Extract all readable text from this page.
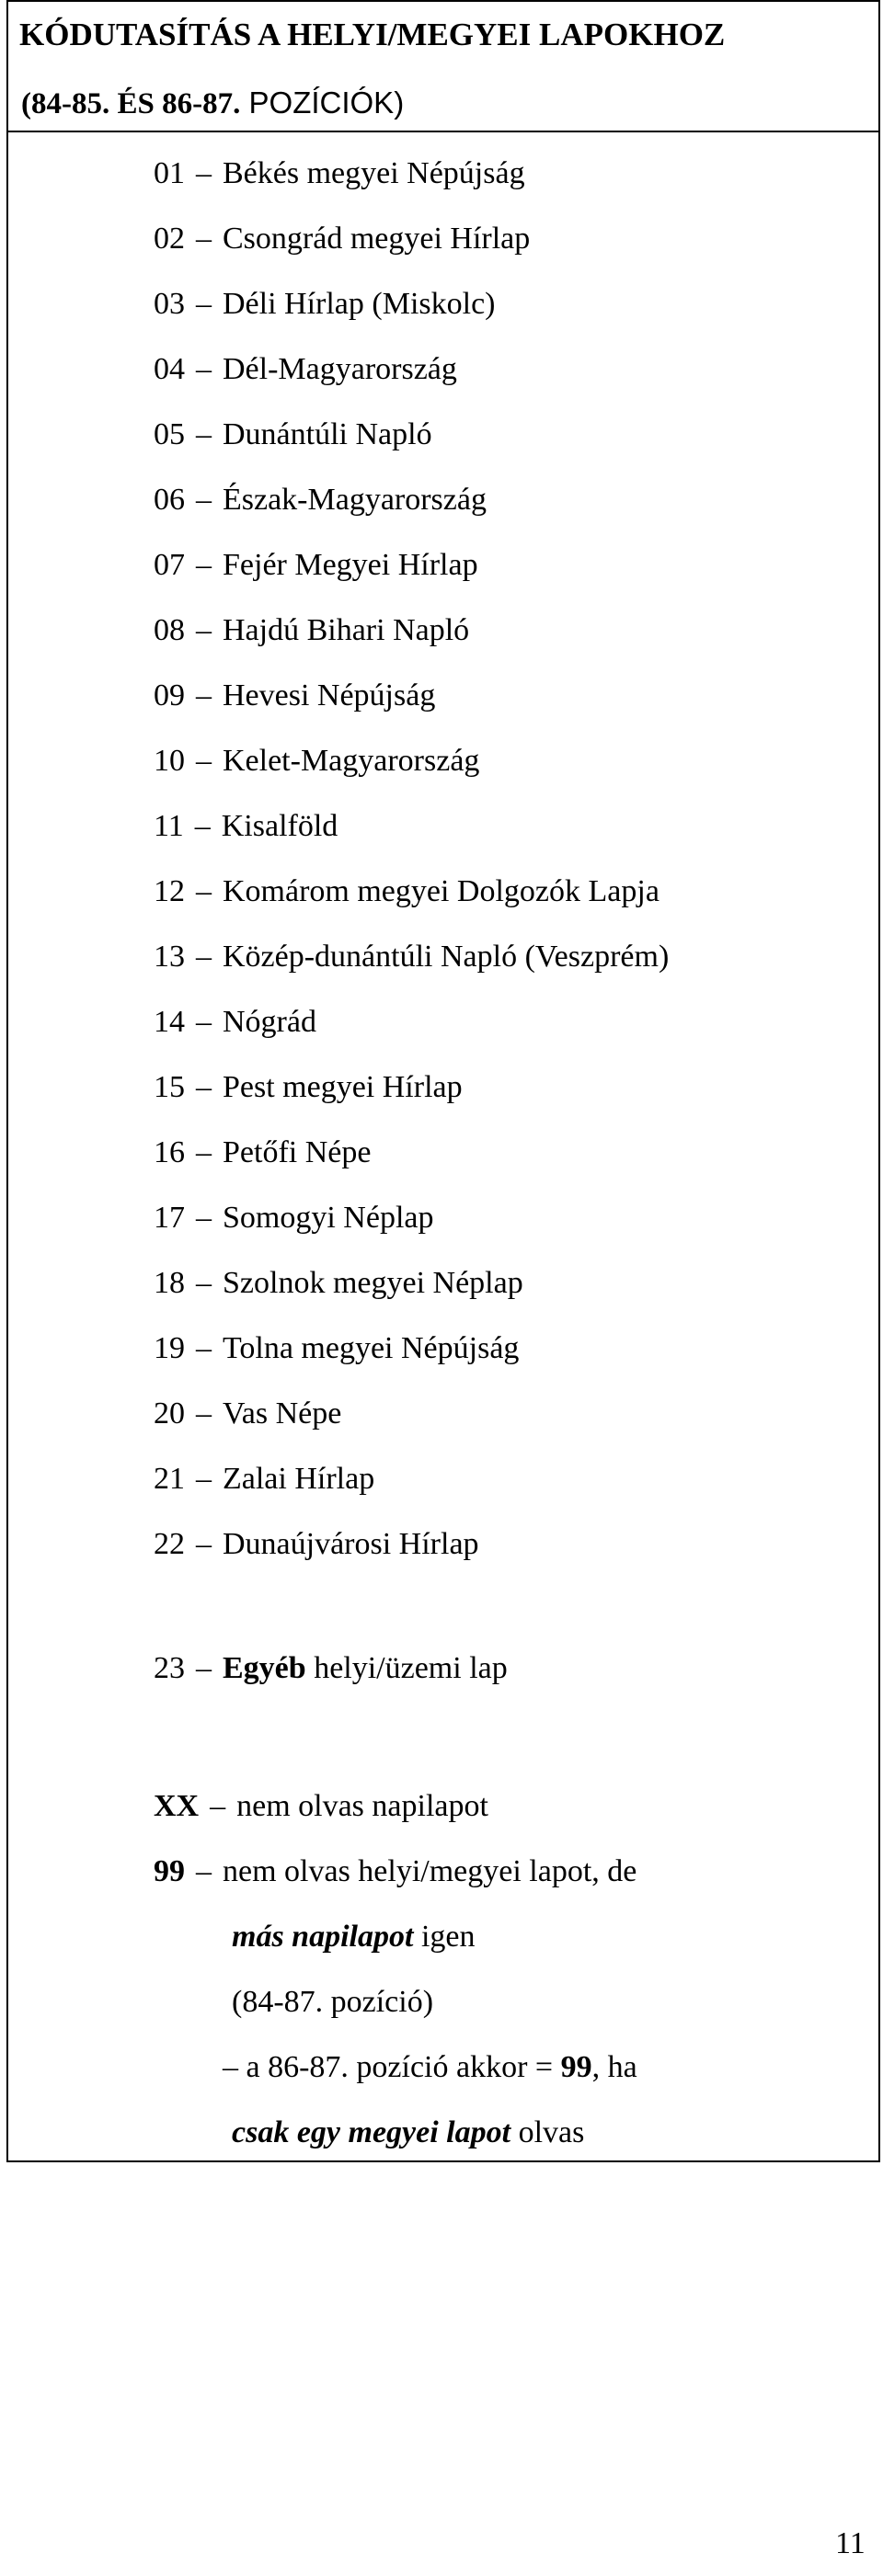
KÓDUTASÍTÁS A HELYI/MEGYEI LAPOKHOZ
(84-85. ÉS 86-87. POZÍCIÓK)
01 – Békés megyei Népújság
02 – Csongrád megyei Hírlap
03 – Déli Hírlap (Miskolc)
04 – Dél-Magyarország
05 – Dunántúli Napló
06 – Észak-Magyarország
07 – Fejér Megyei Hírlap
08 – Hajdú Bihari Napló
09 – Hevesi Népújság
10 – Kelet-Magyarország
11 – Kisalföld
12 – Komárom megyei Dolgozók Lapja
13 – Közép-dunántúli Napló (Veszprém)
14 – Nógrád
15 – Pest megyei Hírlap
16 – Petőfi Népe
17 – Somogyi Néplap
18 – Szolnok megyei Néplap
19 – Tolna megyei Népújság
20 – Vas Népe
21 – Zalai Hírlap
22 – Dunaújvárosi Hírlap
23 – Egyéb helyi/üzemi lap
XX – nem olvas napilapot
99 – nem olvas helyi/megyei lapot, de
más napilapot igen
(84-87. pozíció)
– a 86-87. pozíció akkor = 99, ha
csak egy megyei lapot olvas
11
